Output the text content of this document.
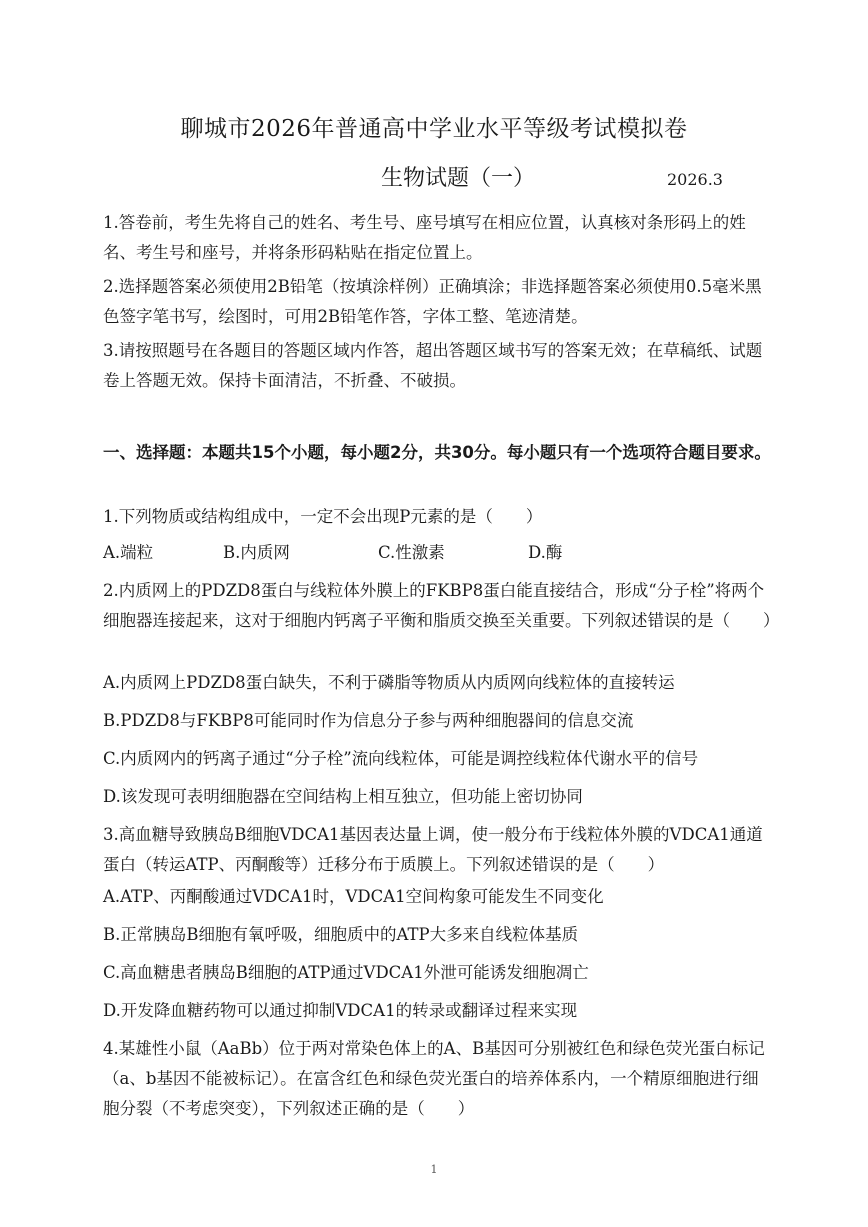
聊城市2026年普通高中学业水平等级考试模拟卷
生物试题（一）	2026.3

1.答卷前，考生先将自己的姓名、考生号、座号填写在相应位置，认真核对条形码上的姓名、考生号和座号，并将条形码粘贴在指定位置上。

2.选择题答案必须使用2B铅笔（按填涂样例）正确填涂；非选择题答案必须使用0.5毫米黑色签字笔书写，绘图时，可用2B铅笔作答，字体工整、笔迹清楚。

3.请按照题号在各题目的答题区域内作答，超出答题区域书写的答案无效；在草稿纸、试题卷上答题无效。保持卡面清洁，不折叠、不破损。

一、选择题：本题共15个小题，每小题2分，共30分。每小题只有一个选项符合题目要求。

1.下列物质或结构组成中，一定不会出现P元素的是（　　）

A.端粒	B.内质网	C.性激素	D.酶

2.内质网上的PDZD8蛋白与线粒体外膜上的FKBP8蛋白能直接结合，形成“分子栓”将两个细胞器连接起来，这对于细胞内钙离子平衡和脂质交换至关重要。下列叙述错误的是（　　）

A.内质网上PDZD8蛋白缺失，不利于磷脂等物质从内质网向线粒体的直接转运

B.PDZD8与FKBP8可能同时作为信息分子参与两种细胞器间的信息交流

C.内质网内的钙离子通过“分子栓”流向线粒体，可能是调控线粒体代谢水平的信号

D.该发现可表明细胞器在空间结构上相互独立，但功能上密切协同

3.高血糖导致胰岛B细胞VDCA1基因表达量上调，使一般分布于线粒体外膜的VDCA1通道蛋白（转运ATP、丙酮酸等）迁移分布于质膜上。下列叙述错误的是（　　）

A.ATP、丙酮酸通过VDCA1时，VDCA1空间构象可能发生不同变化

B.正常胰岛B细胞有氧呼吸，细胞质中的ATP大多来自线粒体基质

C.高血糖患者胰岛B细胞的ATP通过VDCA1外泄可能诱发细胞凋亡

D.开发降血糖药物可以通过抑制VDCA1的转录或翻译过程来实现

4.某雄性小鼠（AaBb）位于两对常染色体上的A、B基因可分别被红色和绿色荧光蛋白标记（a、b基因不能被标记）。在富含红色和绿色荧光蛋白的培养体系内，一个精原细胞进行细胞分裂（不考虑突变），下列叙述正确的是（　　）

1
